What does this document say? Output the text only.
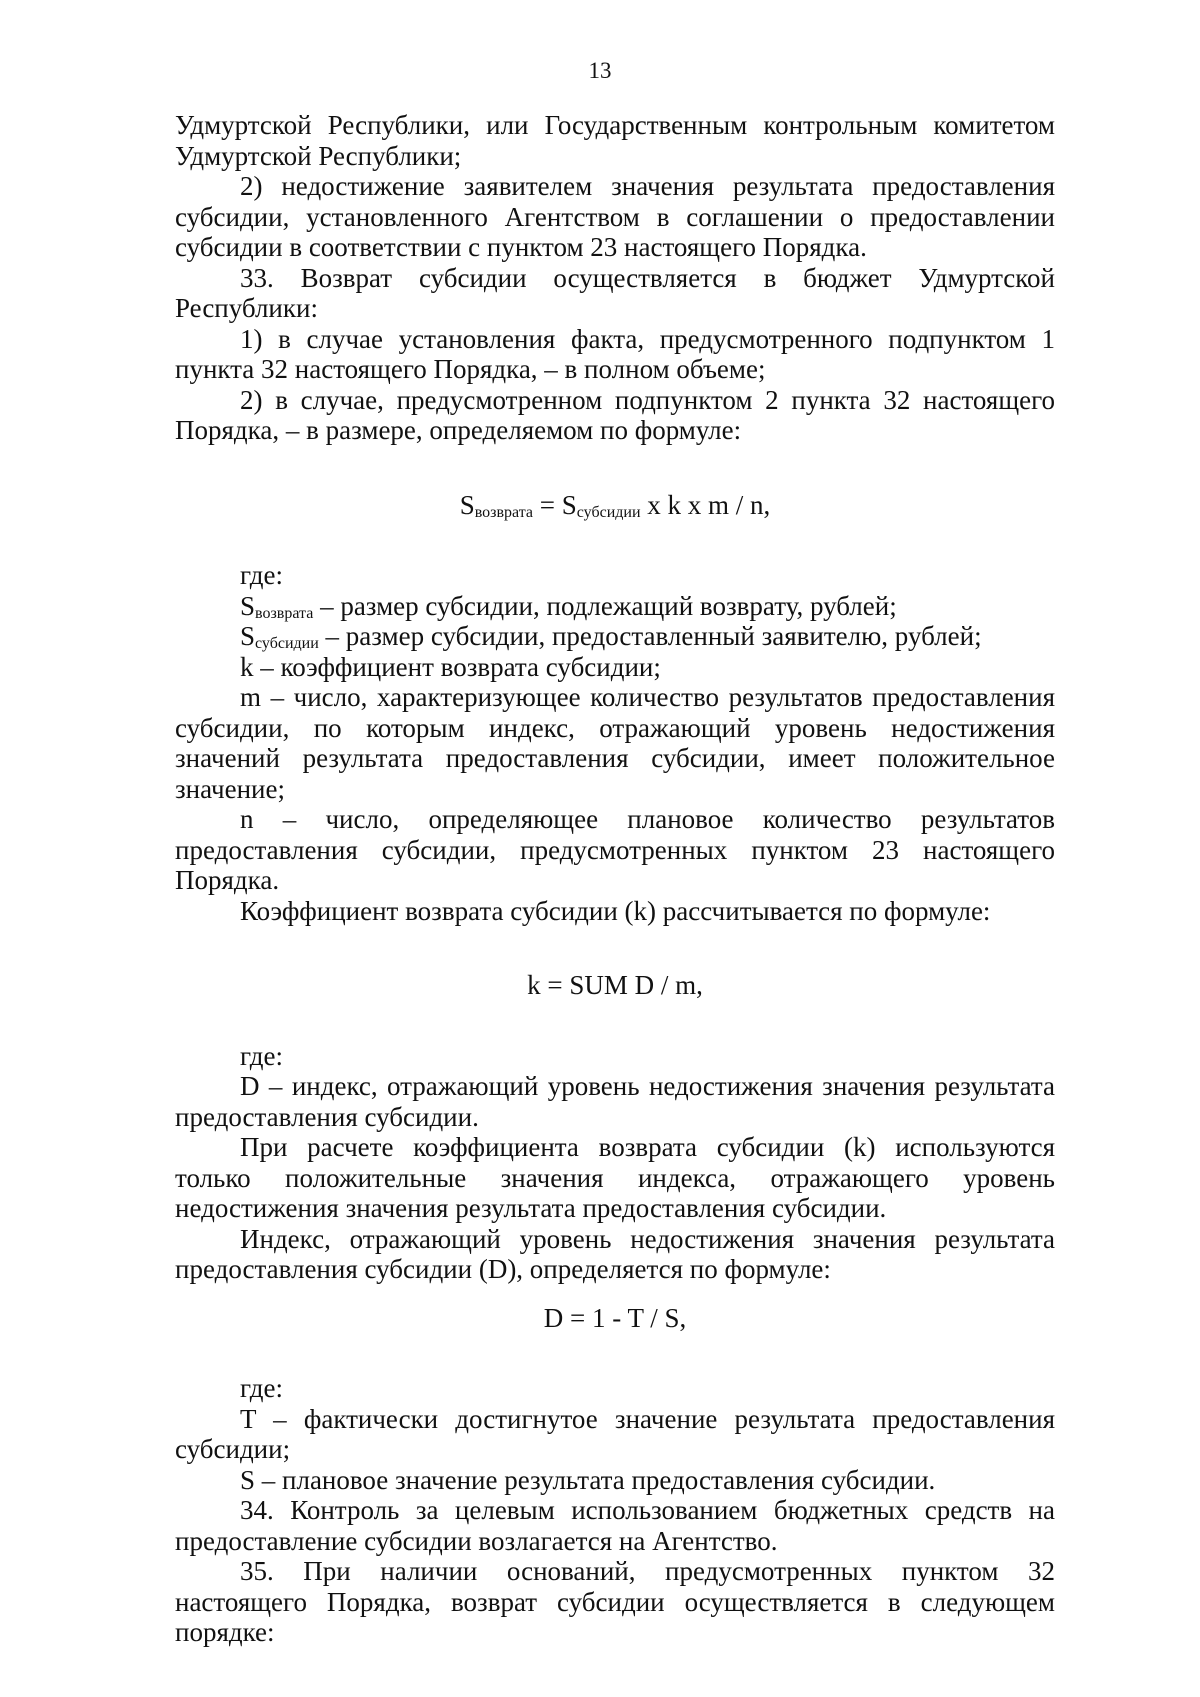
13

Удмуртской Республики, или Государственным контрольным комитетом Удмуртской Республики;

2) недостижение заявителем значения результата предоставления субсидии, установленного Агентством в соглашении о предоставлении субсидии в соответствии с пунктом 23 настоящего Порядка.

33. Возврат субсидии осуществляется в бюджет Удмуртской Республики:

1) в случае установления факта, предусмотренного подпунктом 1 пункта 32 настоящего Порядка, – в полном объеме;

2) в случае, предусмотренном подпунктом 2 пункта 32 настоящего Порядка, – в размере, определяемом по формуле:

$S_{возврата} = S_{субсидии}$ x k x m / n,

где:

$S_{возврата}$ – размер субсидии, подлежащий возврату, рублей;

$S_{субсидии}$ – размер субсидии, предоставленный заявителю, рублей;

k – коэффициент возврата субсидии;

m – число, характеризующее количество результатов предоставления субсидии, по которым индекс, отражающий уровень недостижения значений результата предоставления субсидии, имеет положительное значение;

n – число, определяющее плановое количество результатов предоставления субсидии, предусмотренных пунктом 23 настоящего Порядка.

Коэффициент возврата субсидии (k) рассчитывается по формуле:

k = SUM D / m,

где:

D – индекс, отражающий уровень недостижения значения результата предоставления субсидии.

При расчете коэффициента возврата субсидии (k) используются только положительные значения индекса, отражающего уровень недостижения значения результата предоставления субсидии.

Индекс, отражающий уровень недостижения значения результата предоставления субсидии (D), определяется по формуле:

D = 1 - T / S,

где:

T – фактически достигнутое значение результата предоставления субсидии;

S – плановое значение результата предоставления субсидии.

34. Контроль за целевым использованием бюджетных средств на предоставление субсидии возлагается на Агентство.

35. При наличии оснований, предусмотренных пунктом 32 настоящего Порядка, возврат субсидии осуществляется в следующем порядке:
